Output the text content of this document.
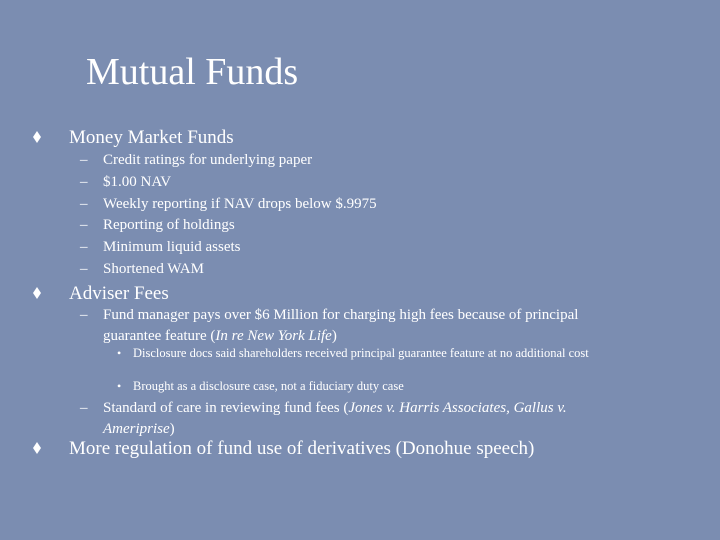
Mutual Funds
Money Market Funds
– Credit ratings for underlying paper
– $1.00 NAV
– Weekly reporting if NAV drops below $.9975
– Reporting of holdings
– Minimum liquid assets
– Shortened WAM
Adviser Fees
– Fund manager pays over $6 Million for charging high fees because of principal guarantee feature (In re New York Life)
• Disclosure docs said shareholders received principal guarantee feature at no additional cost
• Brought as a disclosure case, not a fiduciary duty case
– Standard of care in reviewing fund fees (Jones v. Harris Associates, Gallus v. Ameriprise)
More regulation of fund use of derivatives (Donohue speech)
